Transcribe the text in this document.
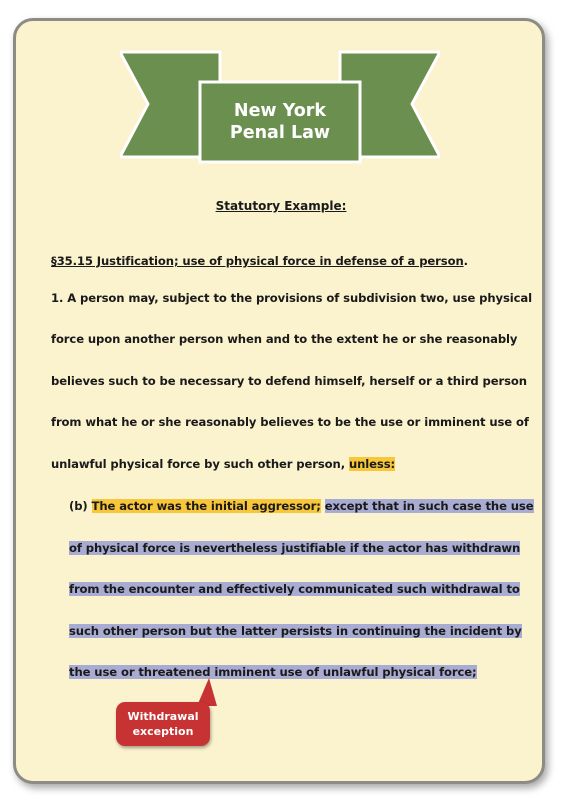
New York
Penal Law
Statutory Example:
§35.15 Justification; use of physical force in defense of a person.
1. A person may, subject to the provisions of subdivision two, use physical
force upon another person when and to the extent he or she reasonably
believes such to be necessary to defend himself, herself or a third person
from what he or she reasonably believes to be the use or imminent use of
unlawful physical force by such other person, unless:
(b) The actor was the initial aggressor; except that in such case the use
of physical force is nevertheless justifiable if the actor has withdrawn
from the encounter and effectively communicated such withdrawal to
such other person but the latter persists in continuing the incident by
the use or threatened imminent use of unlawful physical force;
Withdrawal
exception
